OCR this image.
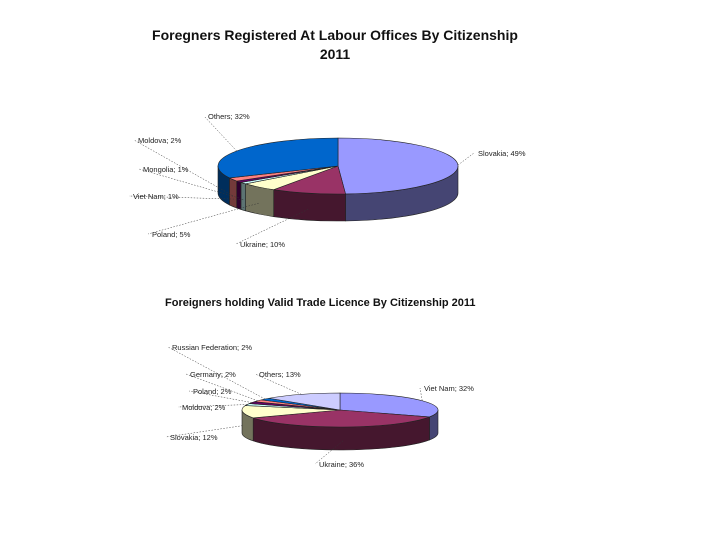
Foregners Registered At Labour Offices By Citizenship 2011
Foreigners holding Valid Trade Licence By Citizenship 2011
Slovakia; 49%
Ukraine; 10%
Poland; 5%
Viet Nam; 1%
Mongolia; 1%
Moldova; 2%
Others; 32%
Viet Nam; 32%
Ukraine; 36%
Slovakia; 12%
Moldova; 2%
Poland; 2%
Germany; 2%
Russian Federation; 2%
Others; 13%
